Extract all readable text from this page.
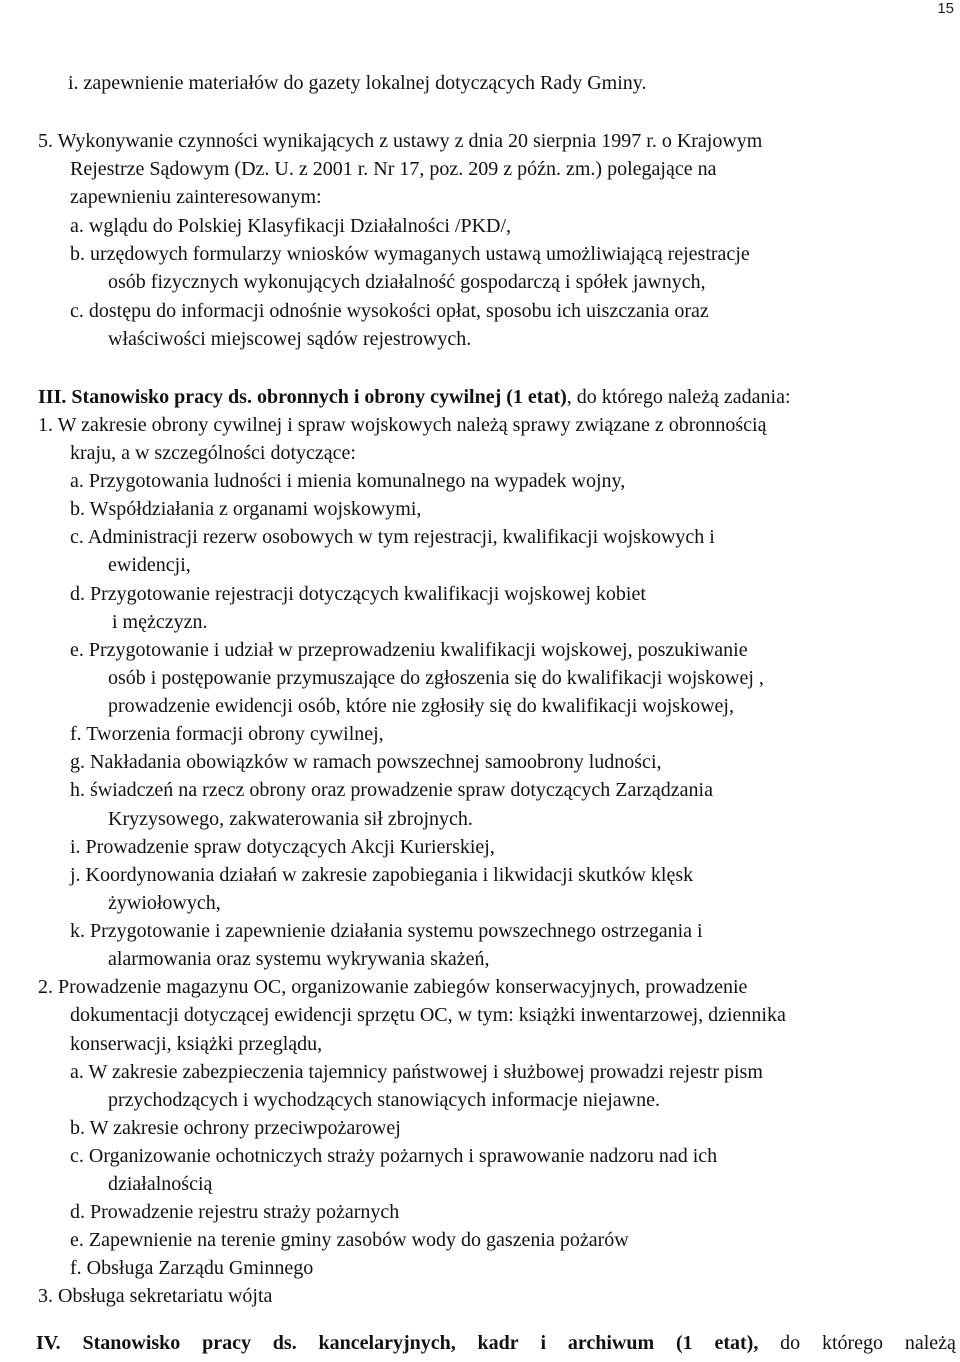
15
i. zapewnienie materiałów do gazety lokalnej dotyczących Rady Gminy.
5. Wykonywanie czynności wynikających z ustawy z dnia 20 sierpnia 1997 r. o Krajowym
Rejestrze Sądowym (Dz. U. z 2001 r. Nr 17, poz. 209 z późn. zm.) polegające na
zapewnieniu zainteresowanym:
a. wglądu do Polskiej Klasyfikacji Działalności /PKD/,
b. urzędowych formularzy wniosków wymaganych ustawą umożliwiającą rejestracje
osób fizycznych wykonujących działalność gospodarczą i spółek jawnych,
c. dostępu do informacji odnośnie wysokości opłat, sposobu ich uiszczania oraz
właściwości miejscowej sądów rejestrowych.
III. Stanowisko pracy ds. obronnych i obrony cywilnej (1 etat), do którego należą zadania:
1. W zakresie obrony cywilnej i spraw wojskowych należą sprawy związane z obronnością
kraju, a w szczególności dotyczące:
a. Przygotowania ludności i mienia komunalnego na wypadek wojny,
b. Współdziałania z organami wojskowymi,
c. Administracji rezerw osobowych w tym rejestracji, kwalifikacji wojskowych i
ewidencji,
d. Przygotowanie rejestracji dotyczących kwalifikacji wojskowej kobiet
i mężczyzn.
e. Przygotowanie i udział w przeprowadzeniu kwalifikacji wojskowej, poszukiwanie
osób i postępowanie przymuszające do zgłoszenia się do kwalifikacji wojskowej ,
prowadzenie ewidencji osób, które nie zgłosiły się do kwalifikacji wojskowej,
f. Tworzenia formacji obrony cywilnej,
g. Nakładania obowiązków w ramach powszechnej samoobrony ludności,
h. świadczeń na rzecz obrony oraz prowadzenie spraw dotyczących Zarządzania
Kryzysowego, zakwaterowania sił zbrojnych.
i. Prowadzenie spraw dotyczących Akcji Kurierskiej,
j. Koordynowania działań w zakresie zapobiegania i likwidacji skutków klęsk
żywiołowych,
k. Przygotowanie i zapewnienie działania systemu powszechnego ostrzegania i
alarmowania oraz systemu wykrywania skażeń,
2. Prowadzenie magazynu OC, organizowanie zabiegów konserwacyjnych, prowadzenie
dokumentacji dotyczącej ewidencji sprzętu OC, w tym: książki inwentarzowej, dziennika
konserwacji, książki przeglądu,
a. W zakresie zabezpieczenia tajemnicy państwowej i służbowej prowadzi rejestr pism
przychodzących i wychodzących stanowiących informacje niejawne.
b. W zakresie ochrony przeciwpożarowej
c. Organizowanie ochotniczych straży pożarnych i sprawowanie nadzoru nad ich
działalnością
d. Prowadzenie rejestru straży pożarnych
e. Zapewnienie na terenie gminy zasobów wody do gaszenia pożarów
f. Obsługa Zarządu Gminnego
3. Obsługa sekretariatu wójta
IV. Stanowisko pracy ds. kancelaryjnych, kadr i archiwum (1 etat), do którego należą
